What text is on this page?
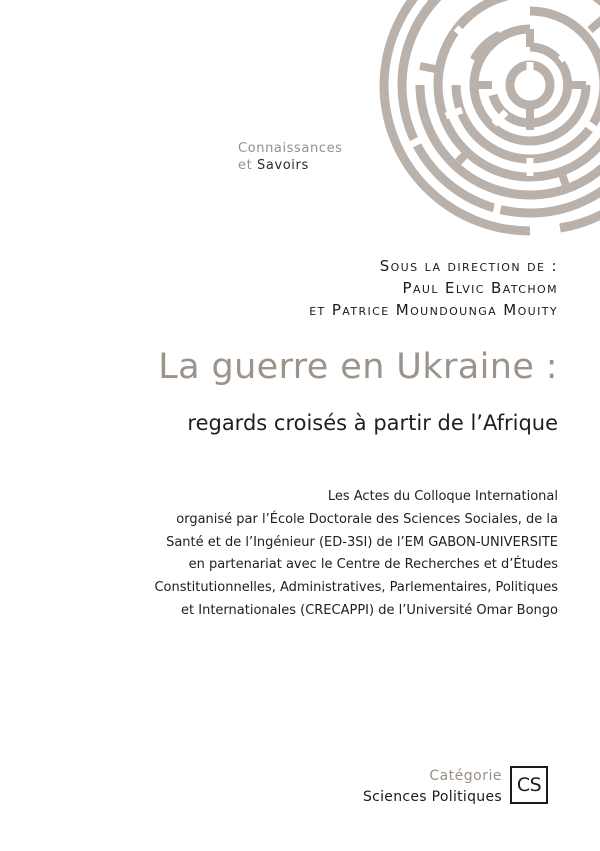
Connaissances
et Savoirs
Sous la direction de :
Paul Elvic Batchom
et Patrice Moundounga Mouity
La guerre en Ukraine :
regards croisés à partir de l’Afrique
Les Actes du Colloque International
organisé par l’École Doctorale des Sciences Sociales, de la
Santé et de l’Ingénieur (ED-3SI) de l’EM GABON-UNIVERSITE
en partenariat avec le Centre de Recherches et d’Études
Constitutionnelles, Administratives, Parlementaires, Politiques
et Internationales (CRECAPPI) de l’Université Omar Bongo
Catégorie
Sciences Politiques
CS
